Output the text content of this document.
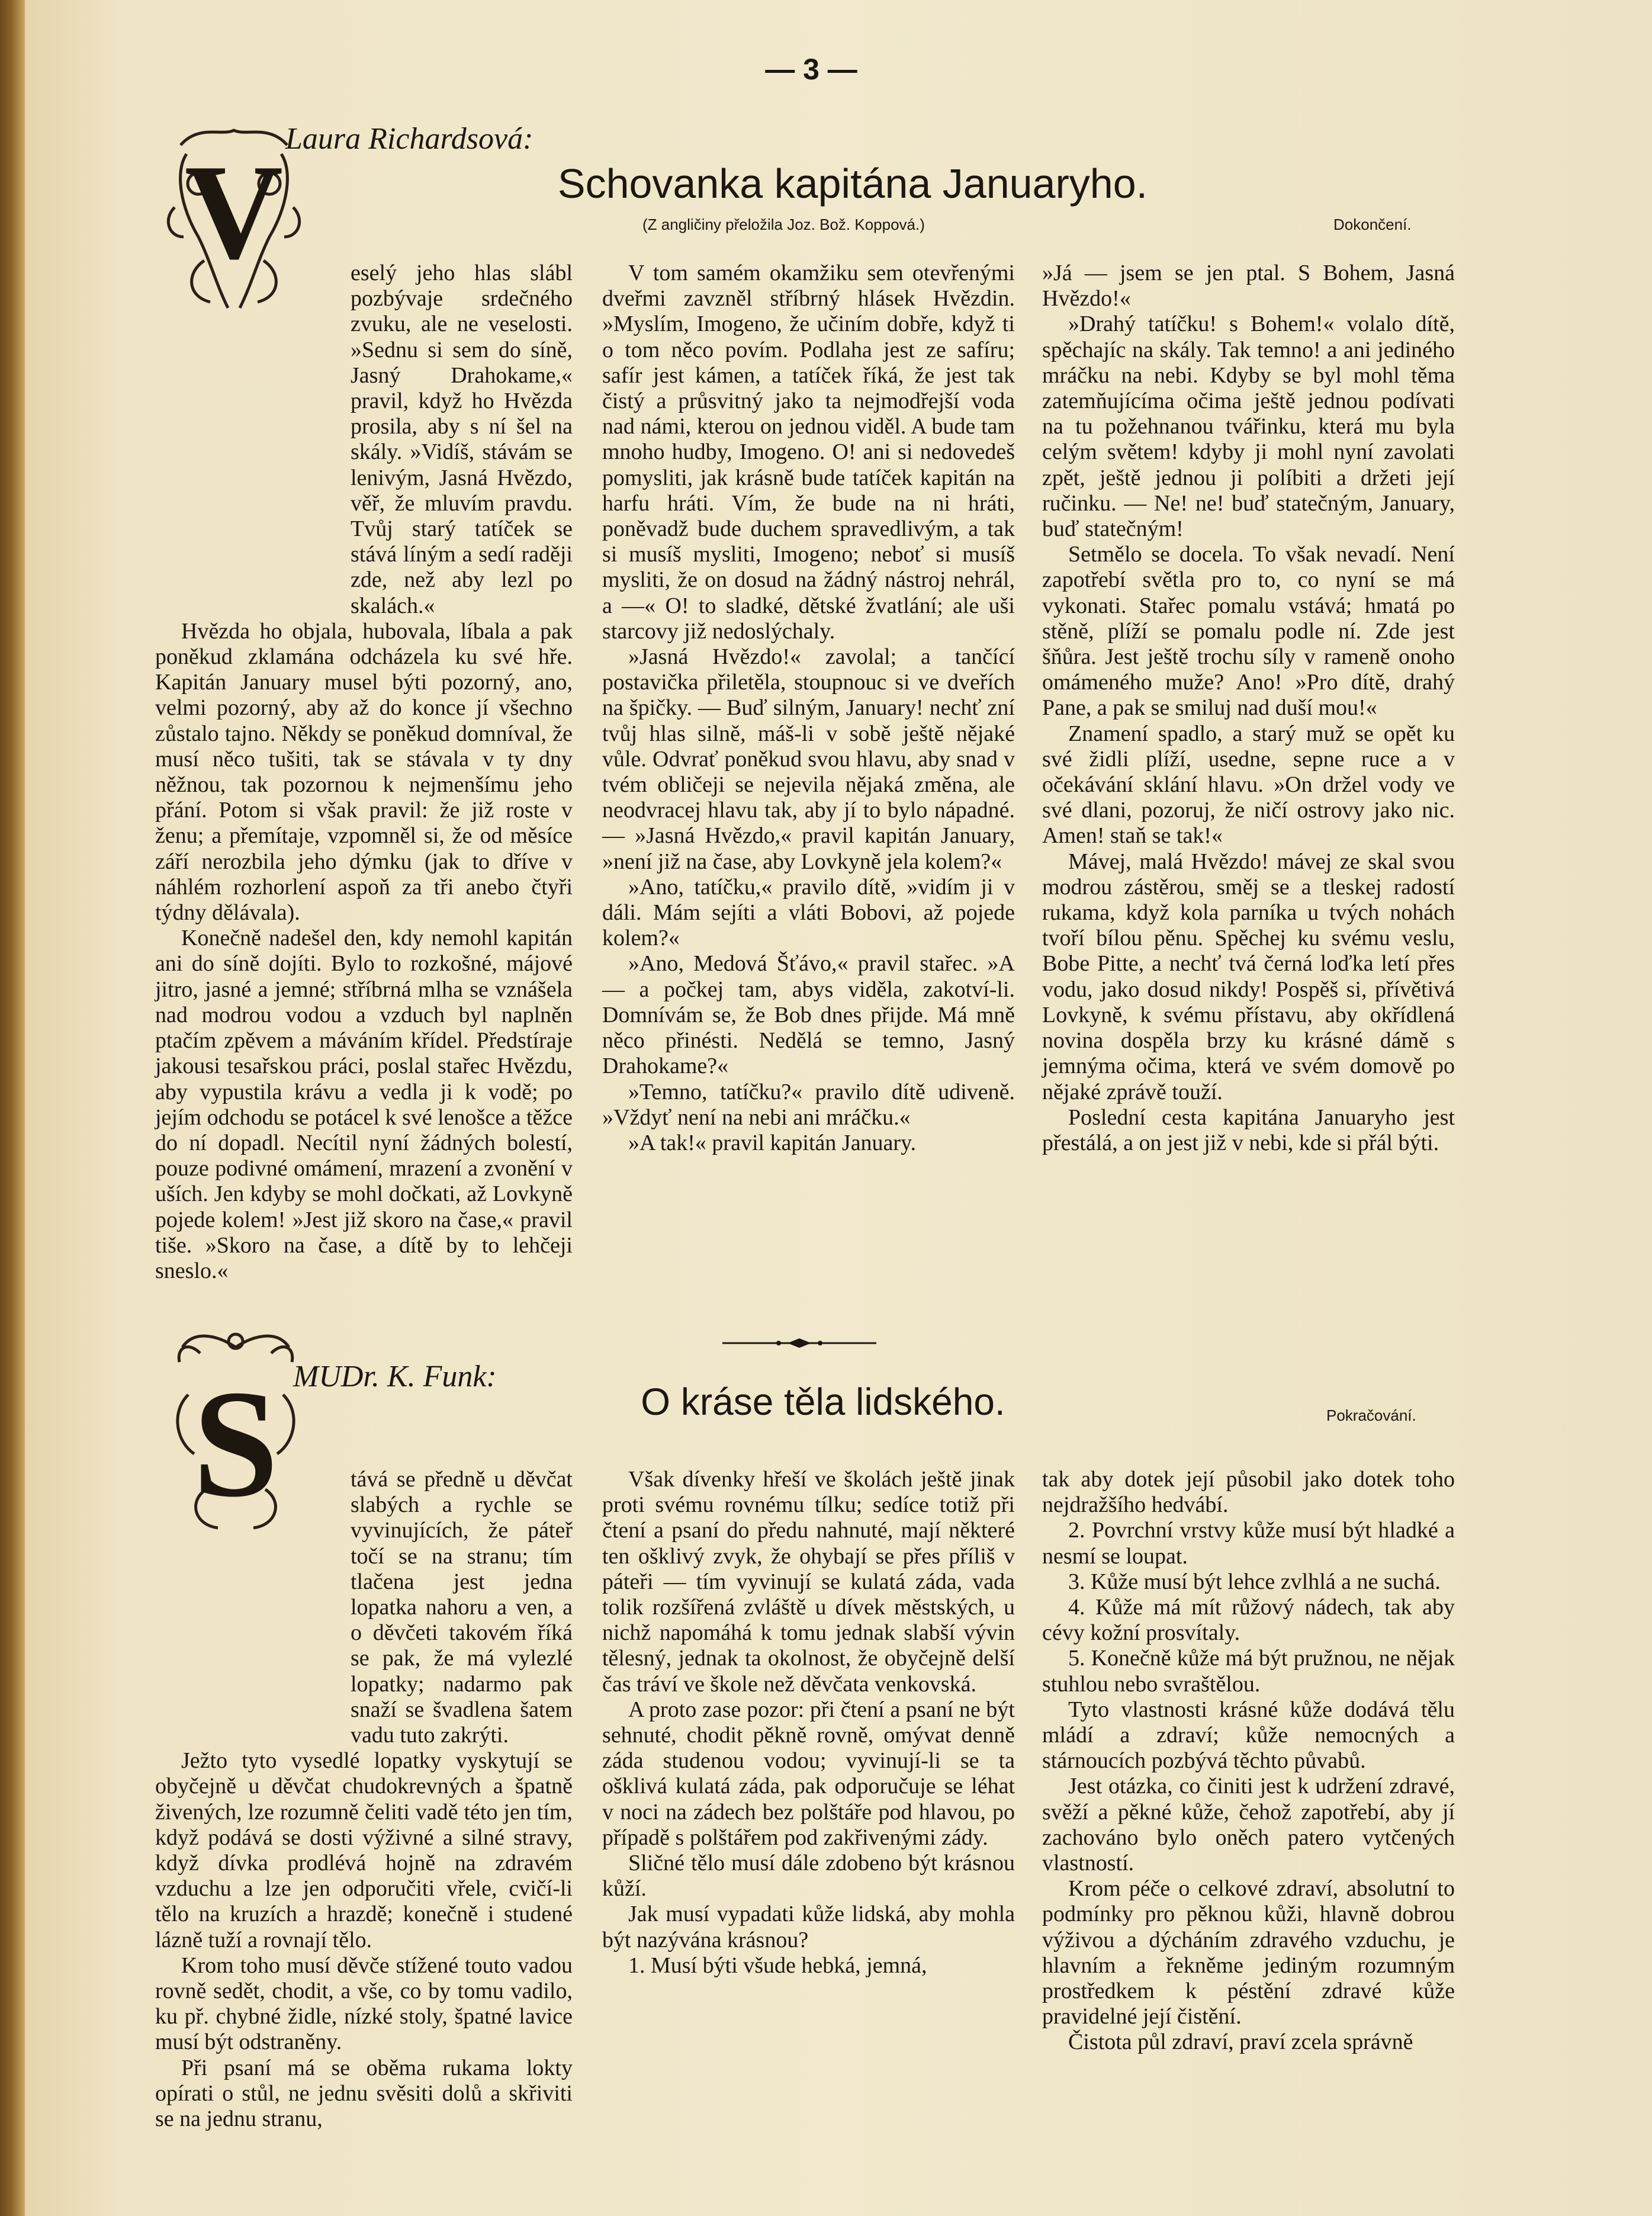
— 3 —
Laura Richardsová:
Schovanka kapitána Januaryho.
(Z angličiny přeložila Joz. Bož. Koppová.)	Dokončení.
V	eselý jeho hlas slábl pozbývaje srdečného zvuku, ale ne veselosti. »Sednu si sem do síně, Jasný Drahokame,« pravil, když ho Hvězda prosila, aby s ní šel na skály. »Vidíš, stávám se lenivým, Jasná Hvězdo, věř, že mluvím pravdu. Tvůj starý tatíček se stává líným a sedí raději zde, než aby lezl po skalách.«

Hvězda ho objala, hubovala, líbala a pak poněkud zklamána odcházela ku své hře. Kapitán January musel býti pozorný, ano, velmi pozorný, aby až do konce jí všechno zůstalo tajno. Někdy se poněkud domníval, že musí něco tušiti, tak se stávala v ty dny něžnou, tak pozornou k nejmenšímu jeho přání. Potom si však pravil: že již roste v ženu; a přemítaje, vzpomněl si, že od měsíce září nerozbila jeho dýmku (jak to dříve v náhlém rozhorlení aspoň za tři anebo čtyři týdny dělávala).

Konečně nadešel den, kdy nemohl kapitán ani do síně dojíti. Bylo to rozkošné, májové jitro, jasné a jemné; stříbrná mlha se vznášela nad modrou vodou a vzduch byl naplněn ptačím zpěvem a máváním křídel. Předstíraje jakousi tesařskou práci, poslal stařec Hvězdu, aby vypustila krávu a vedla ji k vodě; po jejím odchodu se potácel k své lenošce a těžce do ní dopadl. Necítil nyní žádných bolestí, pouze podivné omámení, mrazení a zvonění v uších. Jen kdyby se mohl dočkati, až Lovkyně pojede kolem! »Jest již skoro na čase,« pravil tiše. »Skoro na čase, a dítě by to lehčeji sneslo.«

V tom samém okamžiku sem otevřenými dveřmi zavzněl stříbrný hlásek Hvězdin. »Myslím, Imogeno, že učiním dobře, když ti o tom něco povím. Podlaha jest ze safíru; safír jest kámen, a tatíček říká, že jest tak čistý a průsvitný jako ta nejmodřejší voda nad námi, kterou on jednou viděl. A bude tam mnoho hudby, Imogeno. O! ani si nedovedeš pomysliti, jak krásně bude tatíček kapitán na harfu hráti. Vím, že bude na ni hráti, poněvadž bude duchem spravedlivým, a tak si musíš mysliti, Imogeno; neboť si musíš mysliti, že on dosud na žádný nástroj nehrál, a —« O! to sladké, dětské žvatlání; ale uši starcovy již nedoslýchaly.

»Jasná Hvězdo!« zavolal; a tančící postavička přiletěla, stoupnouc si ve dveřích na špičky. — Buď silným, January! nechť zní tvůj hlas silně, máš-li v sobě ještě nějaké vůle. Odvrať poněkud svou hlavu, aby snad v tvém obličeji se nejevila nějaká změna, ale neodvracej hlavu tak, aby jí to bylo nápadné. — »Jasná Hvězdo,« pravil kapitán January, »není již na čase, aby Lovkyně jela kolem?«

»Ano, tatíčku,« pravilo dítě, »vidím ji v dáli. Mám sejíti a vláti Bobovi, až pojede kolem?«

»Ano, Medová Šťávo,« pravil stařec. »A — a počkej tam, abys viděla, zakotví-li. Domnívám se, že Bob dnes přijde. Má mně něco přinésti. Nedělá se temno, Jasný Drahokame?«

»Temno, tatíčku?« pravilo dítě udiveně. »Vždyť není na nebi ani mráčku.«

»A tak!« pravil kapitán January.

»Já — jsem se jen ptal. S Bohem, Jasná Hvězdo!«

»Drahý tatíčku! s Bohem!« volalo dítě, spěchajíc na skály. Tak temno! a ani jediného mráčku na nebi. Kdyby se byl mohl těma zatemňujícíma očima ještě jednou podívati na tu požehnanou tvářinku, která mu byla celým světem! kdyby ji mohl nyní zavolati zpět, ještě jednou ji políbiti a držeti její ručinku. — Ne! ne! buď statečným, January, buď statečným!

Setmělo se docela. To však nevadí. Není zapotřebí světla pro to, co nyní se má vykonati. Stařec pomalu vstává; hmatá po stěně, plíží se pomalu podle ní. Zde jest šňůra. Jest ještě trochu síly v rameně onoho omámeného muže? Ano! »Pro dítě, drahý Pane, a pak se smiluj nad duší mou!«

Znamení spadlo, a starý muž se opět ku své židli plíží, usedne, sepne ruce a v očekávání sklání hlavu. »On držel vody ve své dlani, pozoruj, že ničí ostrovy jako nic. Amen! staň se tak!«

Mávej, malá Hvězdo! mávej ze skal svou modrou zástěrou, směj se a tleskej radostí rukama, když kola parníka u tvých nohách tvoří bílou pěnu. Spěchej ku svému veslu, Bobe Pitte, a nechť tvá černá loďka letí přes vodu, jako dosud nikdy! Pospěš si, přívětivá Lovkyně, k svému přístavu, aby okřídlená novina dospěla brzy ku krásné dámě s jemnýma očima, která ve svém domově po nějaké zprávě touží.

Poslední cesta kapitána Januaryho jest přestálá, a on jest již v nebi, kde si přál býti.

MUDr. K. Funk:
O kráse těla lidského.	Pokračování.
S	tává se předně u děvčat slabých a rychle se vyvinujících, že páteř točí se na stranu; tím tlačena jest jedna lopatka nahoru a ven, a o děvčeti takovém říká se pak, že má vylezlé lopatky; nadarmo pak snaží se švadlena šatem vadu tuto zakrýti.

Ježto tyto vysedlé lopatky vyskytují se obyčejně u děvčat chudokrevných a špatně živených, lze rozumně čeliti vadě této jen tím, když podává se dosti výživné a silné stravy, když dívka prodlévá hojně na zdravém vzduchu a lze jen odporučiti vřele, cvičí-li tělo na kruzích a hrazdě; konečně i studené lázně tuží a rovnají tělo.

Krom toho musí děvče stížené touto vadou rovně sedět, chodit, a vše, co by tomu vadilo, ku př. chybné židle, nízké stoly, špatné lavice musí být odstraněny.

Při psaní má se oběma rukama lokty opírati o stůl, ne jednu svěsiti dolů a skřiviti se na jednu stranu,

Však dívenky hřeší ve školách ještě jinak proti svému rovnému tílku; sedíce totiž při čtení a psaní do předu nahnuté, mají některé ten ošklivý zvyk, že ohybají se přes příliš v páteři — tím vyvinují se kulatá záda, vada tolik rozšířená zvláště u dívek městských, u nichž napomáhá k tomu jednak slabší vývin tělesný, jednak ta okolnost, že obyčejně delší čas tráví ve škole než děvčata venkovská.

A proto zase pozor: při čtení a psaní ne být sehnuté, chodit pěkně rovně, omývat denně záda studenou vodou; vyvinují-li se ta ošklivá kulatá záda, pak odporučuje se léhat v noci na zádech bez polštáře pod hlavou, po případě s polštářem pod zakřivenými zády.

Sličné tělo musí dále zdobeno být krásnou kůží.

Jak musí vypadati kůže lidská, aby mohla být nazývána krásnou?

1. Musí býti všude hebká, jemná,

tak aby dotek její působil jako dotek toho nejdražšího hedvábí.

2. Povrchní vrstvy kůže musí být hladké a nesmí se loupat.

3. Kůže musí být lehce zvlhlá a ne suchá.

4. Kůže má mít růžový nádech, tak aby cévy kožní prosvítaly.

5. Konečně kůže má být pružnou, ne nějak stuhlou nebo svraštělou.

Tyto vlastnosti krásné kůže dodává tělu mládí a zdraví; kůže nemocných a stárnoucích pozbývá těchto půvabů.

Jest otázka, co činiti jest k udržení zdravé, svěží a pěkné kůže, čehož zapotřebí, aby jí zachováno bylo oněch patero vytčených vlastností.

Krom péče o celkové zdraví, absolutní to podmínky pro pěknou kůži, hlavně dobrou výživou a dýcháním zdravého vzduchu, je hlavním a řekněme jediným rozumným prostředkem k péstění zdravé kůže pravidelné její čistění.

Čistota půl zdraví, praví zcela správně
